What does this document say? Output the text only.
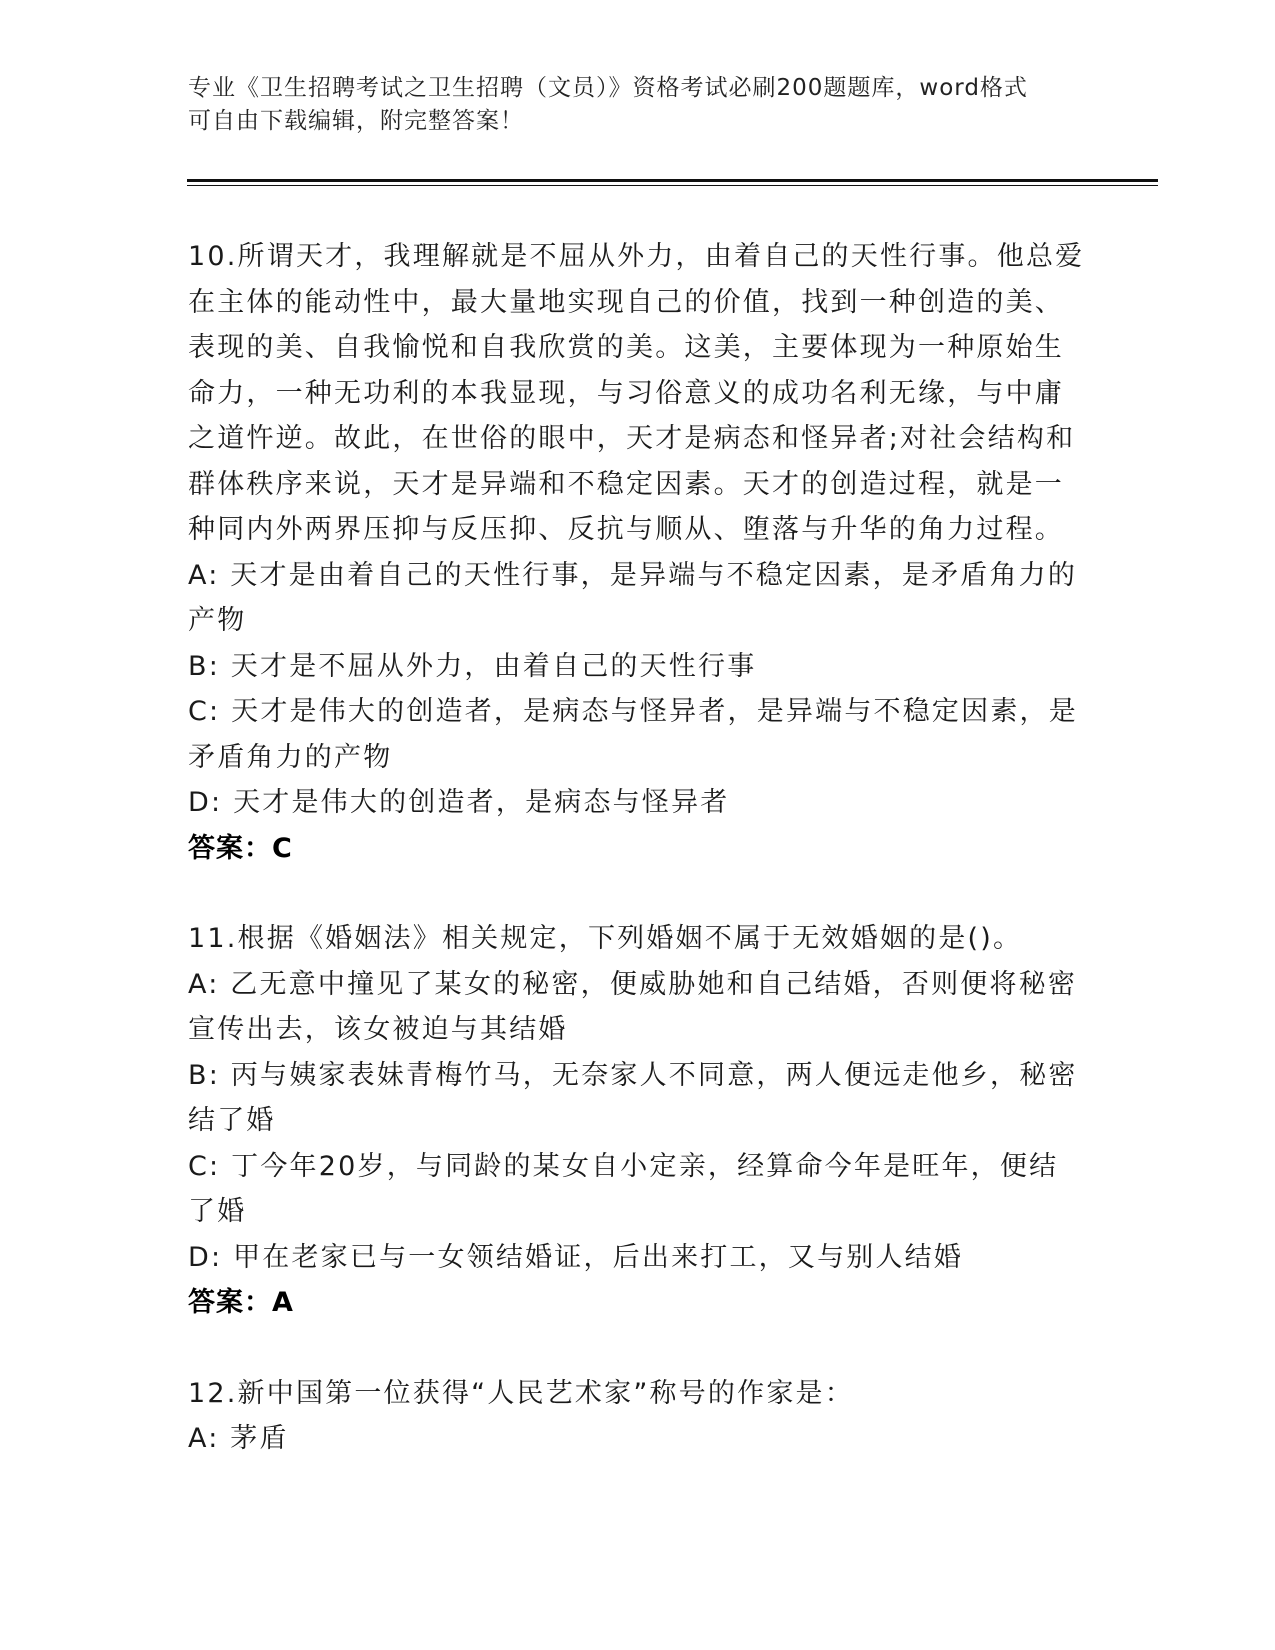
专业《卫生招聘考试之卫生招聘（文员）》资格考试必刷200题题库，word格式
可自由下载编辑，附完整答案！
10.所谓天才，我理解就是不屈从外力，由着自己的天性行事。他总爱
在主体的能动性中，最大量地实现自己的价值，找到一种创造的美、
表现的美、自我愉悦和自我欣赏的美。这美，主要体现为一种原始生
命力，一种无功利的本我显现，与习俗意义的成功名利无缘，与中庸
之道忤逆。故此，在世俗的眼中，天才是病态和怪异者;对社会结构和
群体秩序来说，天才是异端和不稳定因素。天才的创造过程，就是一
种同内外两界压抑与反压抑、反抗与顺从、堕落与升华的角力过程。
A: 天才是由着自己的天性行事，是异端与不稳定因素，是矛盾角力的
产物
B: 天才是不屈从外力，由着自己的天性行事
C: 天才是伟大的创造者，是病态与怪异者，是异端与不稳定因素，是
矛盾角力的产物
D: 天才是伟大的创造者，是病态与怪异者
答案：C
11.根据《婚姻法》相关规定，下列婚姻不属于无效婚姻的是()。
A: 乙无意中撞见了某女的秘密，便威胁她和自己结婚，否则便将秘密
宣传出去，该女被迫与其结婚
B: 丙与姨家表妹青梅竹马，无奈家人不同意，两人便远走他乡，秘密
结了婚
C: 丁今年20岁，与同龄的某女自小定亲，经算命今年是旺年，便结
了婚
D: 甲在老家已与一女领结婚证，后出来打工，又与别人结婚
答案：A
12.新中国第一位获得“人民艺术家”称号的作家是：
A: 茅盾
